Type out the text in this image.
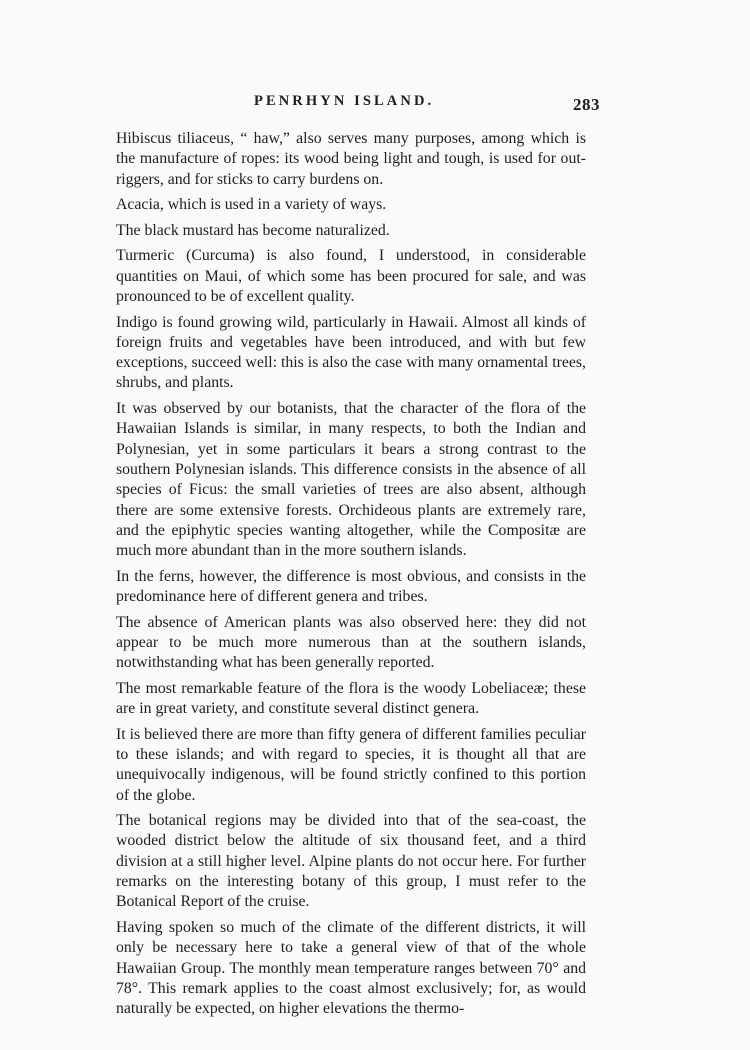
PENRHYN ISLAND.	283

Hibiscus tiliaceus, “ haw,” also serves many purposes, among which is the manufacture of ropes: its wood being light and tough, is used for out-riggers, and for sticks to carry burdens on.

Acacia, which is used in a variety of ways.

The black mustard has become naturalized.

Turmeric (Curcuma) is also found, I understood, in considerable quantities on Maui, of which some has been procured for sale, and was pronounced to be of excellent quality.

Indigo is found growing wild, particularly in Hawaii. Almost all kinds of foreign fruits and vegetables have been introduced, and with but few exceptions, succeed well: this is also the case with many ornamental trees, shrubs, and plants.

It was observed by our botanists, that the character of the flora of the Hawaiian Islands is similar, in many respects, to both the Indian and Polynesian, yet in some particulars it bears a strong contrast to the southern Polynesian islands. This difference consists in the absence of all species of Ficus: the small varieties of trees are also absent, although there are some extensive forests. Orchideous plants are extremely rare, and the epiphytic species wanting altogether, while the Compositæ are much more abundant than in the more southern islands.

In the ferns, however, the difference is most obvious, and consists in the predominance here of different genera and tribes.

The absence of American plants was also observed here: they did not appear to be much more numerous than at the southern islands, notwithstanding what has been generally reported.

The most remarkable feature of the flora is the woody Lobeliaceæ; these are in great variety, and constitute several distinct genera.

It is believed there are more than fifty genera of different families peculiar to these islands; and with regard to species, it is thought all that are unequivocally indigenous, will be found strictly confined to this portion of the globe.

The botanical regions may be divided into that of the sea-coast, the wooded district below the altitude of six thousand feet, and a third division at a still higher level. Alpine plants do not occur here. For further remarks on the interesting botany of this group, I must refer to the Botanical Report of the cruise.

Having spoken so much of the climate of the different districts, it will only be necessary here to take a general view of that of the whole Hawaiian Group. The monthly mean temperature ranges between 70° and 78°. This remark applies to the coast almost exclusively; for, as would naturally be expected, on higher elevations the thermo-
